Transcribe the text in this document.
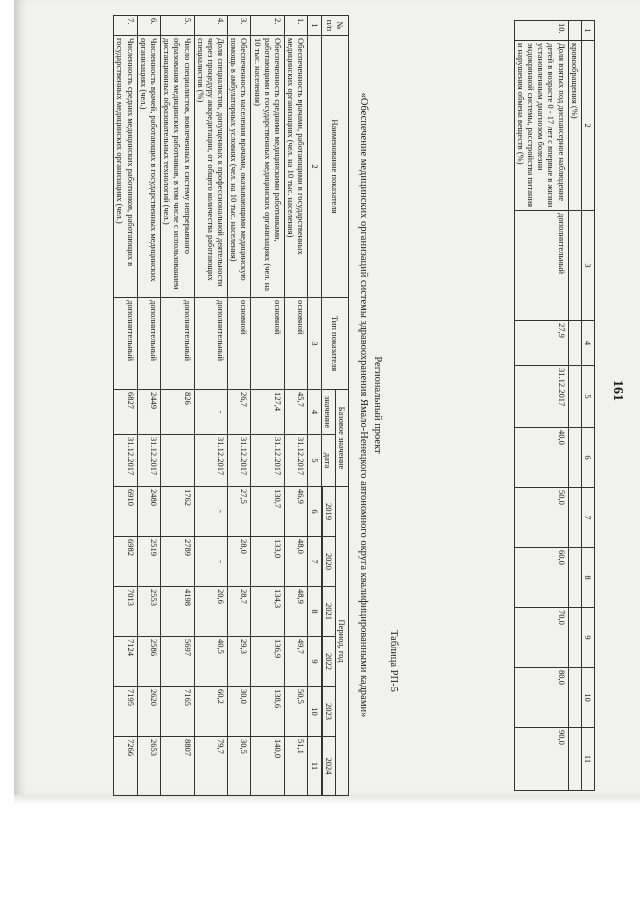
161
1	2	3	4	5	6	7	8	9	10	11
	кровообращения (%)									
10.	Доля взятых под диспансерное наблюдение детей в возрасте 0 - 17 лет с впервые в жизни установленным диагнозом болезни эндокринной системы, расстройства питания и нарушения обмена веществ (%)	дополнительный	27,9	31.12.2017	40,0	50,0	60,0	70,0	80,0	90,0
Таблица РП-5
Региональный проект
«Обеспечение медицинских организаций системы здравоохранения Ямало-Ненецкого автономного округа квалифицированными кадрами»
№ п/п	Наименование показателя	Тип показателя	Базовое значение		Период, год					
			значение	дата	2019	2020	2021	2022	2023	2024

1	2	3	4	5	6	7	8	9	10	11
1.	Обеспеченность врачами, работающими в государственных медицинских организациях (чел. на 10 тыс. населения)	основной	45,7	31.12.2017	46,9	48,0	48,9	49,7	50,5	51,1
2.	Обеспеченность средними медицинскими работниками, работающими в государственных медицинских организациях (чел. на 10 тыс. населения)	основной	127,4	31.12.2017	130,7	133,0	134,3	136,9	138,6	140,0
3.	Обеспеченность населения врачами, оказывающими медицинскую помощь в амбулаторных условиях (чел. на 10 тыс. населения)	основной	26,7	31.12.2017	27,5	28,0	28,7	29,3	30,0	30,5
4.	Доля специалистов, допущенных к профессиональной деятельности через процедуру аккредитации, от общего количества работающих специалистов (%)	дополнительный	-	31.12.2017	-	-	20,6	40,5	60,2	79,7
5.	Число специалистов, вовлеченных в систему непрерывного образования медицинских работников, в том числе с использованием дистанционных образовательных технологий (чел.)	дополнительный	826		1762	2789	4198	5697	7165	8807
6.	Численность врачей, работающих в государственных медицинских организациях (чел.)	дополнительный	2449	31.12.2017	2480	2519	2553	2586	2620	2653
7.	Численность средних медицинских работников, работающих в государственных медицинских организациях (чел.)	дополнительный	6827	31.12.2017	6910	6982	7013	7124	7195	7266
